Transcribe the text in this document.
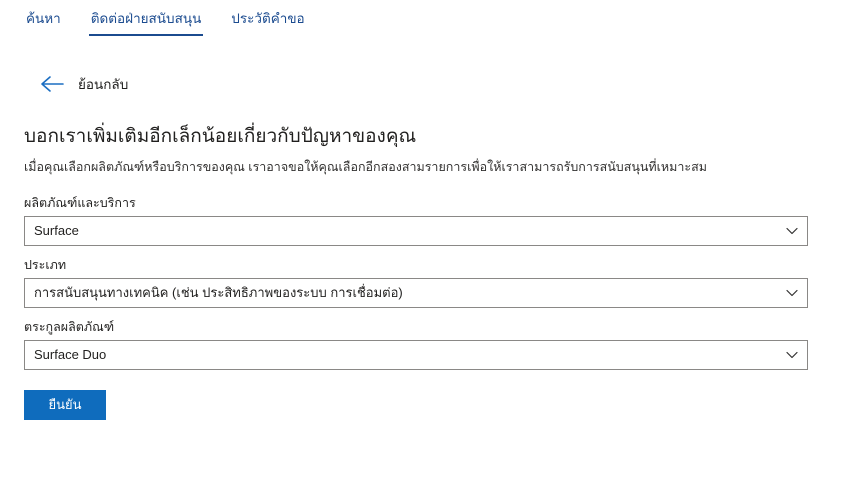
ค้นหา ติดต่อฝ่ายสนับสนุน ประวัติคำขอ
ย้อนกลับ
บอกเราเพิ่มเติมอีกเล็กน้อยเกี่ยวกับปัญหาของคุณ

เมื่อคุณเลือกผลิตภัณฑ์หรือบริการของคุณ เราอาจขอให้คุณเลือกอีกสองสามรายการเพื่อให้เราสามารถรับการสนับสนุนที่เหมาะสม

ผลิตภัณฑ์และบริการ
Surface
ประเภท
การสนับสนุนทางเทคนิค (เช่น ประสิทธิภาพของระบบ การเชื่อมต่อ)
ตระกูลผลิตภัณฑ์
Surface Duo
ยืนยัน
